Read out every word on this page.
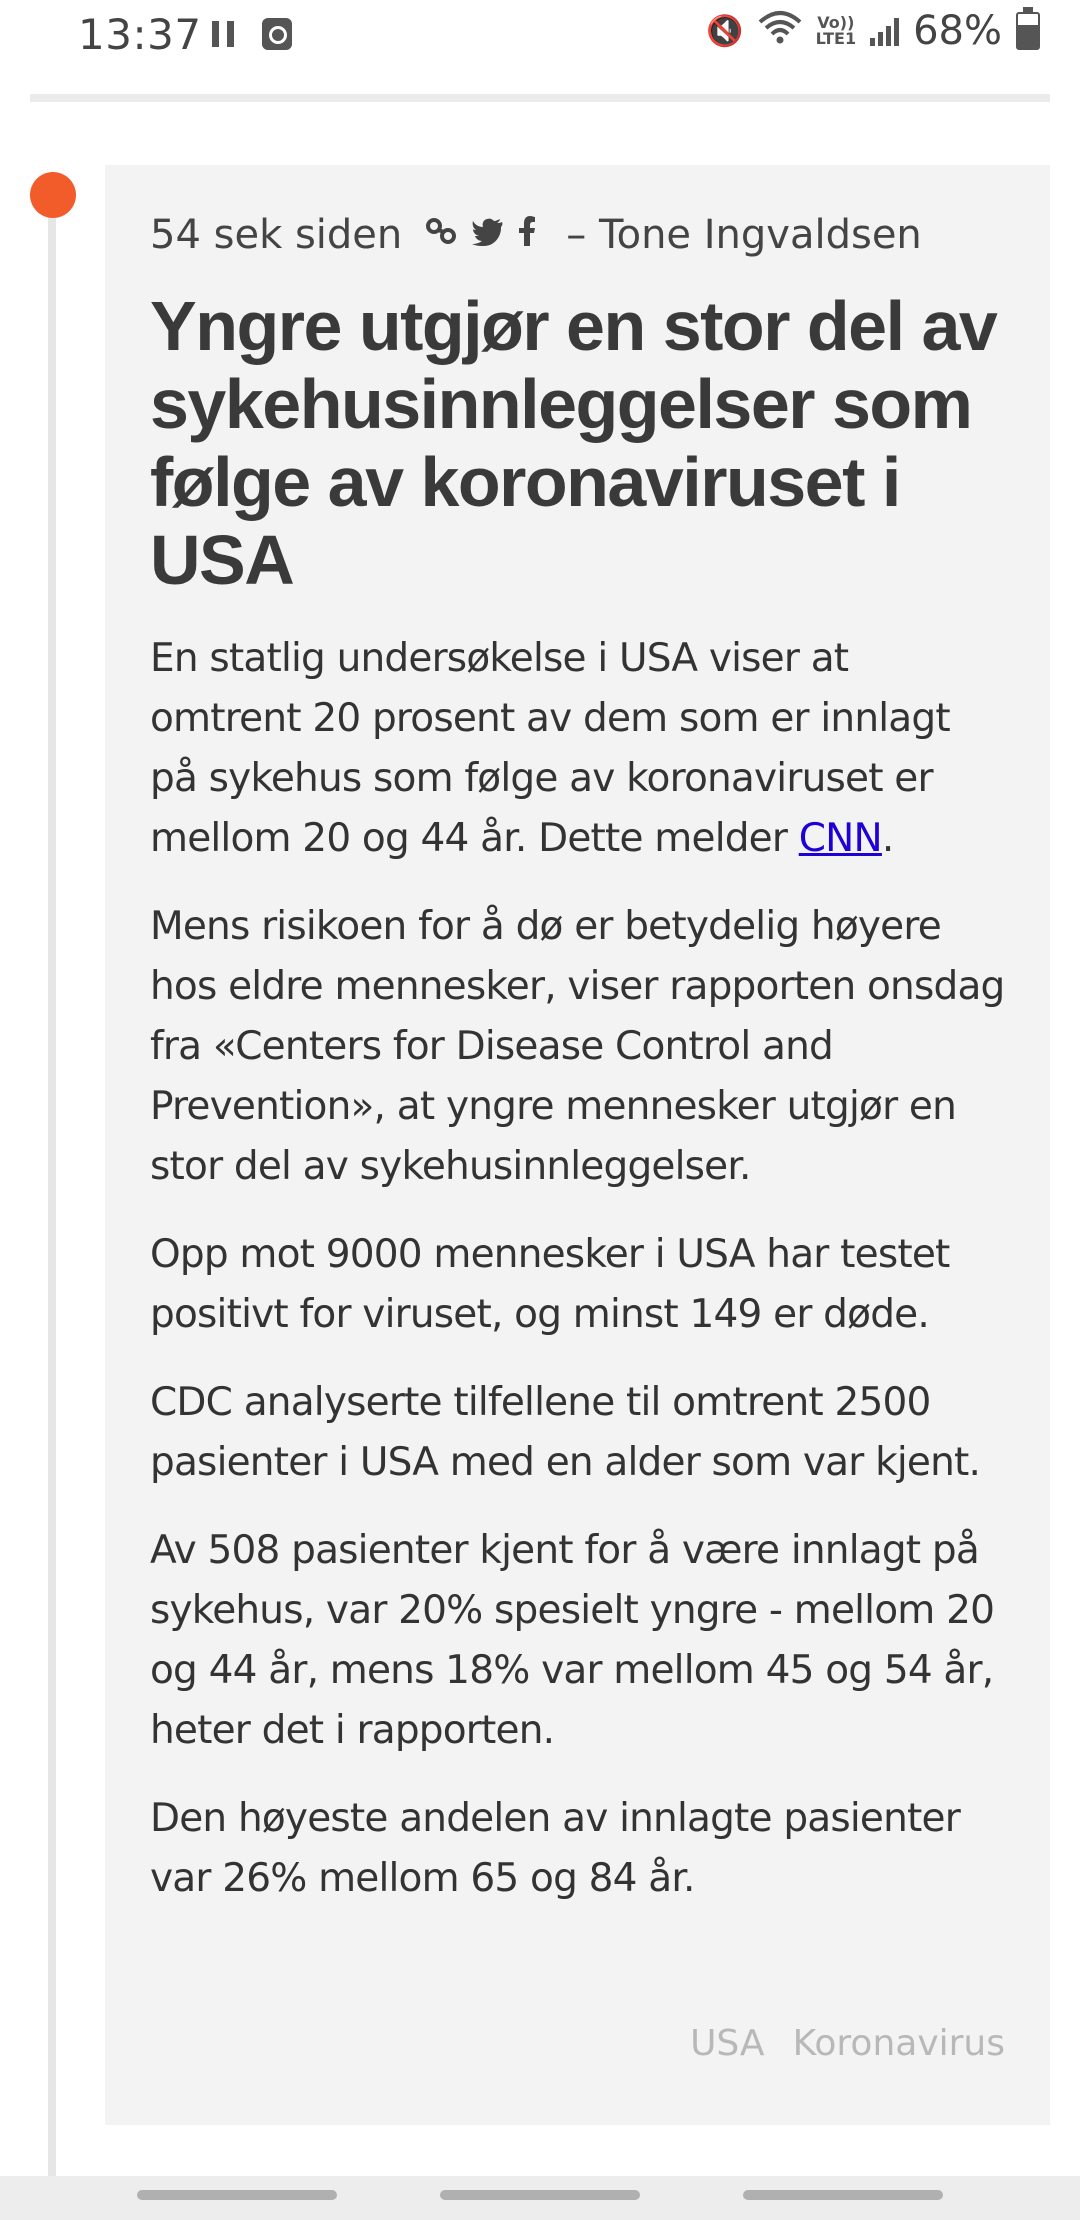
13:37	🔇	Vo))
LTE1 68%
54 sek siden	– Tone Ingvaldsen
Yngre utgjør en stor del av sykehusinnleggelser som følge av koronaviruset i USA

En statlig undersøkelse i USA viser at omtrent 20 prosent av dem som er innlagt på sykehus som følge av koronaviruset er mellom 20 og 44 år. Dette melder CNN.

Mens risikoen for å dø er betydelig høyere hos eldre mennesker, viser rapporten onsdag fra «Centers for Disease Control and Prevention», at yngre mennesker utgjør en stor del av sykehusinnleggelser.

Opp mot 9000 mennesker i USA har testet positivt for viruset, og minst 149 er døde.

CDC analyserte tilfellene til omtrent 2500 pasienter i USA med en alder som var kjent.

Av 508 pasienter kjent for å være innlagt på sykehus, var 20% spesielt yngre - mellom 20 og 44 år, mens 18% var mellom 45 og 54 år, heter det i rapporten.

Den høyeste andelen av innlagte pasienter var 26% mellom 65 og 84 år.

USA Koronavirus
